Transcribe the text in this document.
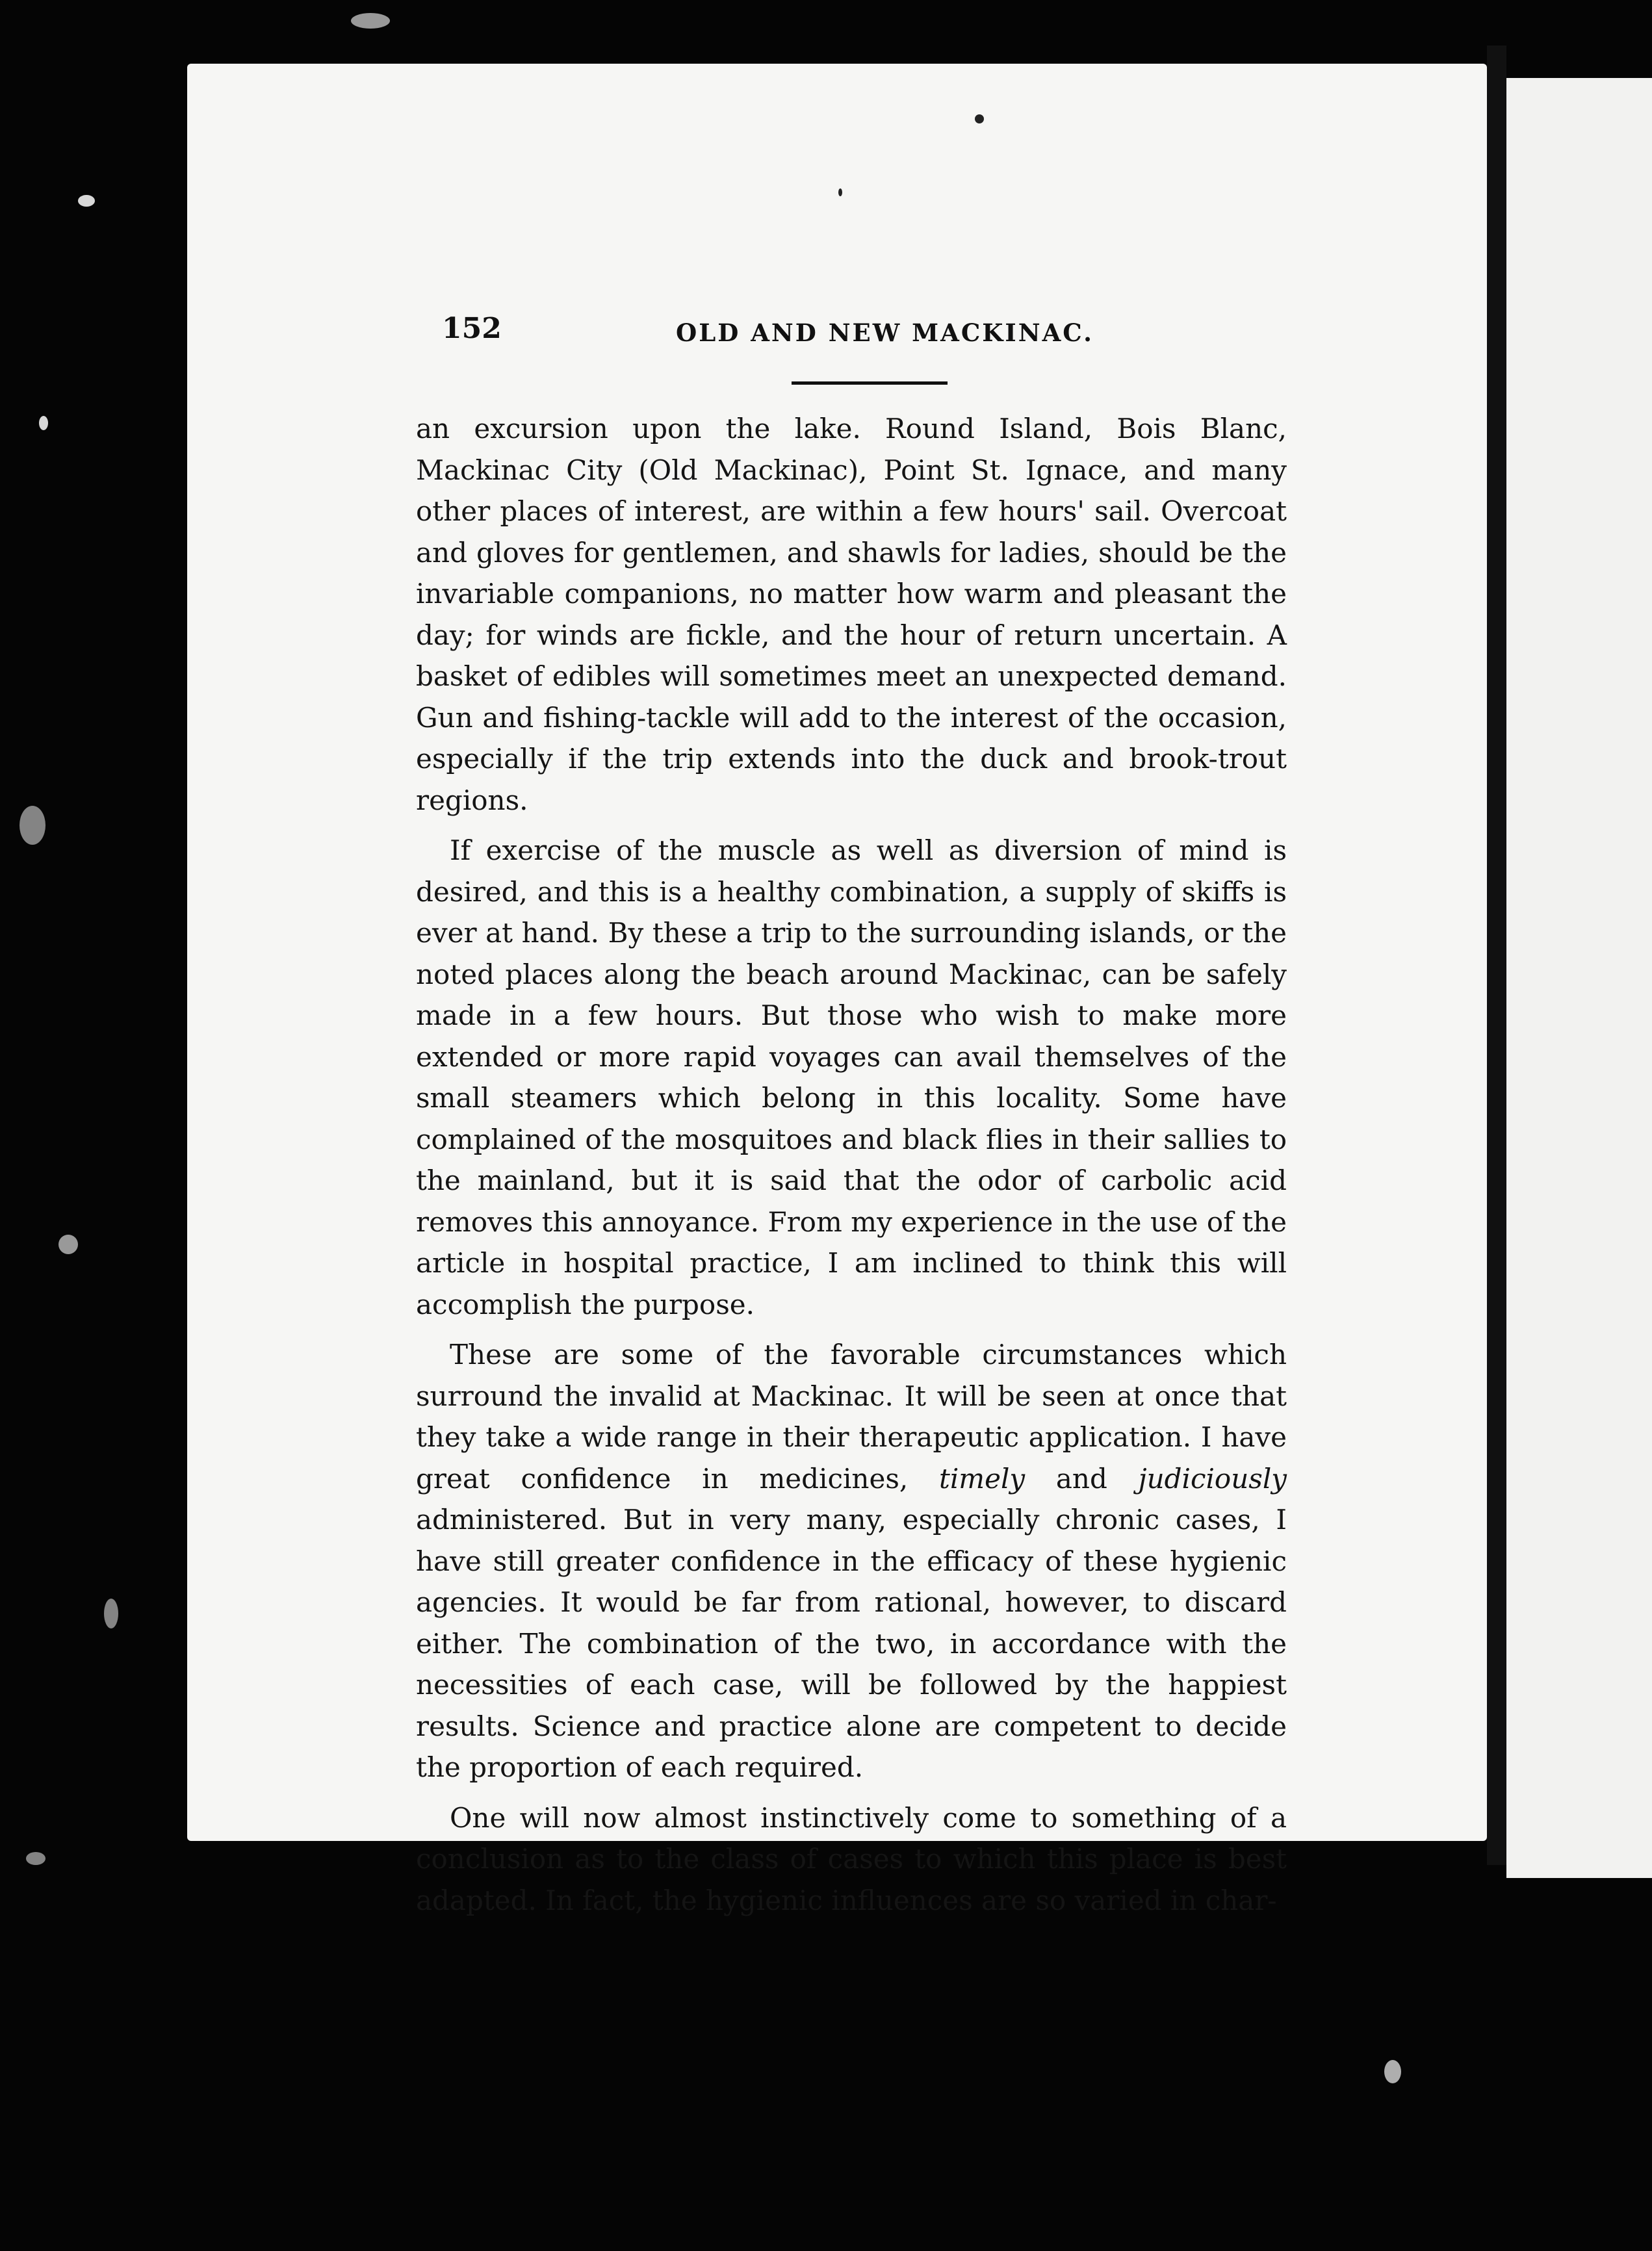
152	OLD AND NEW MACKINAC.

an excursion upon the lake. Round Island, Bois Blanc, Mackinac City (Old Mackinac), Point St. Ignace, and many other places of interest, are within a few hours' sail. Overcoat and gloves for gentlemen, and shawls for ladies, should be the invariable companions, no matter how warm and pleasant the day; for winds are fickle, and the hour of return uncertain. A basket of edibles will sometimes meet an unexpected demand. Gun and fishing-tackle will add to the interest of the occasion, especially if the trip extends into the duck and brook-trout regions.

If exercise of the muscle as well as diversion of mind is desired, and this is a healthy combination, a supply of skiffs is ever at hand. By these a trip to the surrounding islands, or the noted places along the beach around Mackinac, can be safely made in a few hours. But those who wish to make more extended or more rapid voyages can avail themselves of the small steamers which belong in this locality. Some have complained of the mosquitoes and black flies in their sallies to the mainland, but it is said that the odor of carbolic acid removes this annoyance. From my experience in the use of the article in hospital practice, I am inclined to think this will accomplish the purpose.

These are some of the favorable circumstances which surround the invalid at Mackinac. It will be seen at once that they take a wide range in their therapeutic application. I have great confidence in medicines, timely and judiciously administered. But in very many, especially chronic cases, I have still greater confidence in the efficacy of these hygienic agencies. It would be far from rational, however, to discard either. The combination of the two, in accordance with the necessities of each case, will be followed by the happiest results. Science and practice alone are competent to decide the proportion of each required.

One will now almost instinctively come to something of a conclusion as to the class of cases to which this place is best adapted. In fact, the hygienic influences are so varied in char-
